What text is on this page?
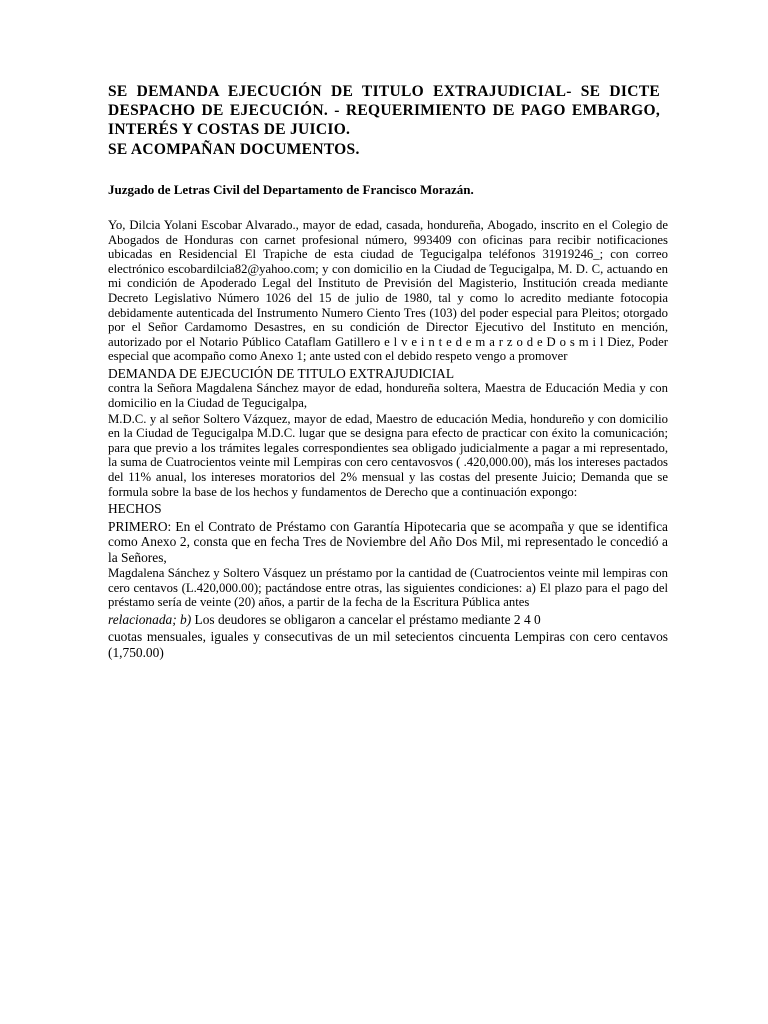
SE DEMANDA EJECUCIÓN DE TITULO EXTRAJUDICIAL- SE DICTE DESPACHO DE EJECUCIÓN. - REQUERIMIENTO DE PAGO EMBARGO, INTERÉS Y COSTAS DE JUICIO.
SE ACOMPAÑAN DOCUMENTOS.
Juzgado de Letras Civil del Departamento de Francisco Morazán.

Yo, Dilcia Yolani Escobar Alvarado., mayor de edad, casada, hondureña, Abogado, inscrito en el Colegio de Abogados de Honduras con carnet profesional número, 993409 con oficinas para recibir notificaciones ubicadas en Residencial El Trapiche de esta ciudad de Tegucigalpa teléfonos 31919246_; con correo electrónico escobardilcia82@yahoo.com; y con domicilio en la Ciudad de Tegucigalpa, M. D. C, actuando en mi condición de Apoderado Legal del Instituto de Previsión del Magisterio, Institución creada mediante Decreto Legislativo Número 1026 del 15 de julio de 1980, tal y como lo acredito mediante fotocopia debidamente autenticada del Instrumento Numero Ciento Tres (103) del poder especial para Pleitos; otorgado por el Señor Cardamomo Desastres, en su condición de Director Ejecutivo del Instituto en mención, autorizado por el Notario Público Cataflam Gatillero e l v e i n t e d e m a r z o d e D o s m i l Diez, Poder especial que acompaño como Anexo 1; ante usted con el debido respeto vengo a promover

DEMANDA DE EJECUCIÓN DE TITULO EXTRAJUDICIAL

contra la Señora Magdalena Sánchez mayor de edad, hondureña soltera, Maestra de Educación Media y con domicilio en la Ciudad de Tegucigalpa,

M.D.C. y al señor Soltero Vázquez, mayor de edad, Maestro de educación Media, hondureño y con domicilio en la Ciudad de Tegucigalpa M.D.C. lugar que se designa para efecto de practicar con éxito la comunicación; para que previo a los trámites legales correspondientes sea obligado judicialmente a pagar a mi representado, la suma de Cuatrocientos veinte mil Lempiras con cero centavosvos ( .420,000.00), más los intereses pactados del 11% anual, los intereses moratorios del 2% mensual y las costas del presente Juicio; Demanda que se formula sobre la base de los hechos y fundamentos de Derecho que a continuación expongo:

HECHOS

PRIMERO: En el Contrato de Préstamo con Garantía Hipotecaria que se acompaña y que se identifica como Anexo 2, consta que en fecha Tres de Noviembre del Año Dos Mil, mi representado le concedió a la Señores,

Magdalena Sánchez y Soltero Vásquez un préstamo por la cantidad de (Cuatrocientos veinte mil lempiras con cero centavos (L.420,000.00); pactándose entre otras, las siguientes condiciones: a) El plazo para el pago del préstamo sería de veinte (20) años, a partir de la fecha de la Escritura Pública antes

relacionada; b) Los deudores se obligaron a cancelar el préstamo mediante 2 4 0

cuotas mensuales, iguales y consecutivas de un mil setecientos cincuenta Lempiras con cero centavos (1,750.00)
